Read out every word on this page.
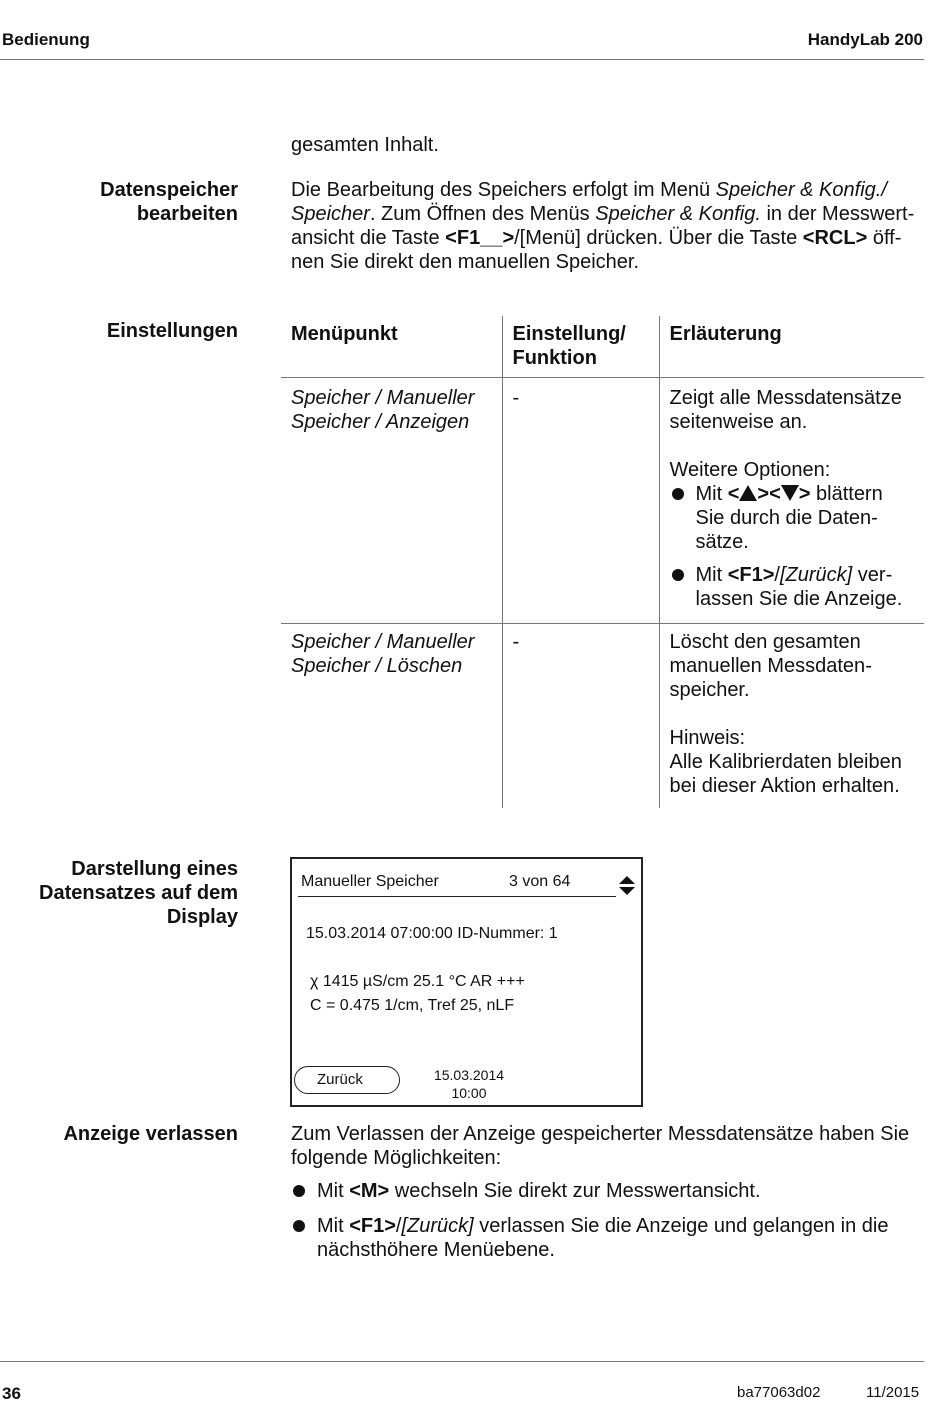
Bedienung	HandyLab 200
gesamten Inhalt.
Datenspeicher
bearbeiten
Die Bearbeitung des Speichers erfolgt im Menü Speicher & Konfig./ Speicher. Zum Öffnen des Menüs Speicher & Konfig. in der Messwertansicht die Taste <F1__>/[Menü] drücken. Über die Taste <RCL> öffnen Sie direkt den manuellen Speicher.
Einstellungen	Menüpunkt	Einstellung/ Funktion	Erläuterung
Speicher / Manueller Speicher / Anzeigen	-	Zeigt alle Messdatensätze seitenweise an.
Weitere Optionen:
Mit < >< > blättern Sie durch die Datensätze.
Mit <F1>/[Zurück] verlassen Sie die Anzeige.

Speicher / Manueller Speicher / Löschen	-	Löscht den gesamten manuellen Messdatenspeicher.
Hinweis:
Alle Kalibrierdaten bleiben bei dieser Aktion erhalten.
Darstellung eines
Datensatzes auf dem
Display
Manueller Speicher	3 von 64
15.03.2014 07:00:00 ID-Nummer: 1
χ 1415 µS/cm 25.1 °C AR +++
C = 0.475 1/cm, Tref 25, nLF
Zurück	15.03.2014
10:00
Anzeige verlassen	Zum Verlassen der Anzeige gespeicherter Messdatensätze haben Sie folgende Möglichkeiten:
Mit <M> wechseln Sie direkt zur Messwertansicht.
Mit <F1>/[Zurück] verlassen Sie die Anzeige und gelangen in die nächsthöhere Menüebene.
36	ba77063d02	11/2015
